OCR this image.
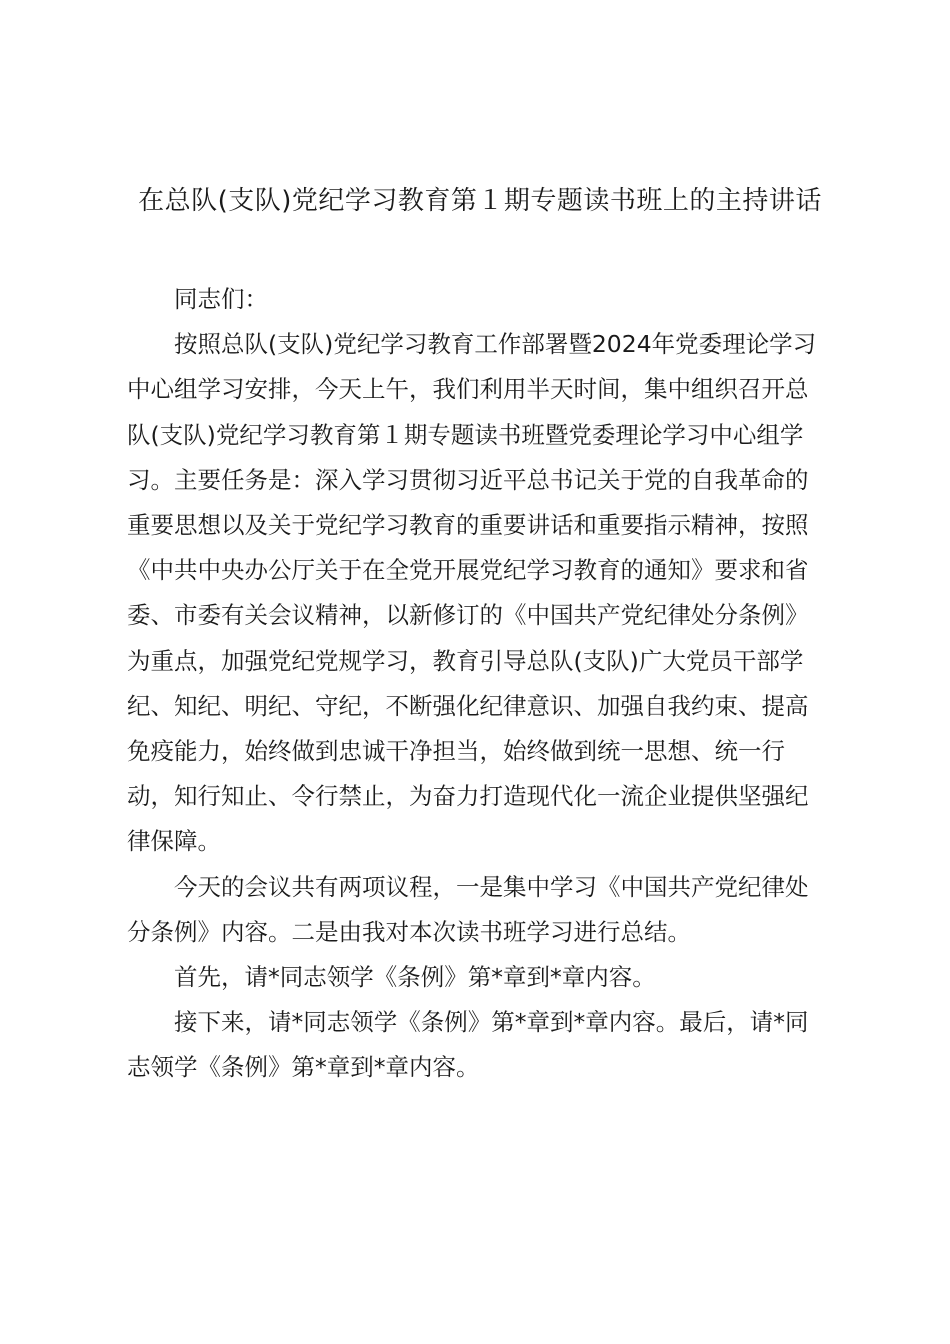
在总队(支队)党纪学习教育第１期专题读书班上的主持讲话

同志们：

按照总队(支队)党纪学习教育工作部署暨2024年党委理论学习中心组学习安排，今天上午，我们利用半天时间，集中组织召开总队(支队)党纪学习教育第１期专题读书班暨党委理论学习中心组学习。主要任务是：深入学习贯彻习近平总书记关于党的自我革命的重要思想以及关于党纪学习教育的重要讲话和重要指示精神，按照《中共中央办公厅关于在全党开展党纪学习教育的通知》要求和省委、市委有关会议精神，以新修订的《中国共产党纪律处分条例》为重点，加强党纪党规学习，教育引导总队(支队)广大党员干部学纪、知纪、明纪、守纪，不断强化纪律意识、加强自我约束、提高免疫能力，始终做到忠诚干净担当，始终做到统一思想、统一行动，知行知止、令行禁止，为奋力打造现代化一流企业提供坚强纪律保障。

今天的会议共有两项议程，一是集中学习《中国共产党纪律处分条例》内容。二是由我对本次读书班学习进行总结。

首先，请*同志领学《条例》第*章到*章内容。

接下来，请*同志领学《条例》第*章到*章内容。最后，请*同志领学《条例》第*章到*章内容。
